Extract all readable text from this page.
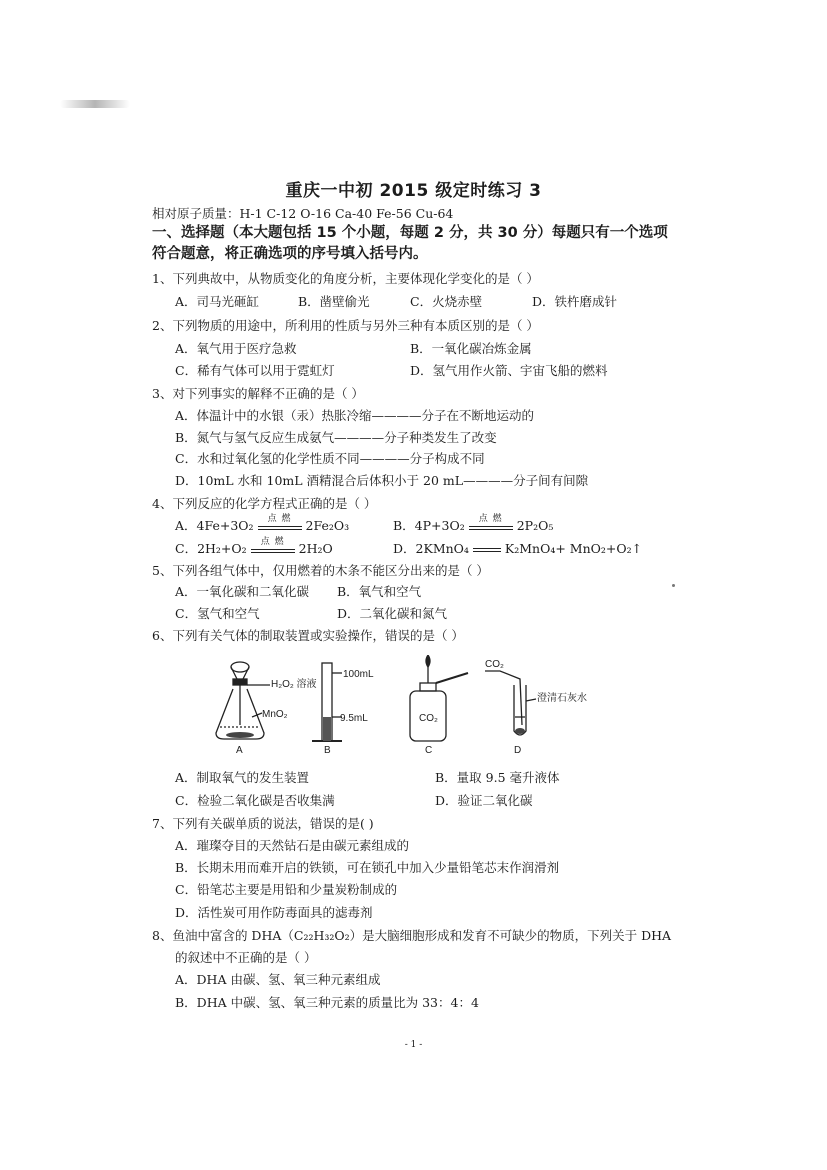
重庆一中初 2015 级定时练习 3
相对原子质量：H-1 C-12 O-16 Ca-40 Fe-56 Cu-64
一、选择题（本大题包括 15 个小题，每题 2 分，共 30 分）每题只有一个选项
符合题意，将正确选项的序号填入括号内。
1、下列典故中，从物质变化的角度分析，主要体现化学变化的是（ ）
A．司马光砸缸	B．凿壁偷光	C．火烧赤壁	D．铁杵磨成针
2、下列物质的用途中，所利用的性质与另外三种有本质区别的是（ ）
A．氧气用于医疗急救	B．一氧化碳冶炼金属
C．稀有气体可以用于霓虹灯	D．氢气用作火箭、宇宙飞船的燃料
3、对下列事实的解释不正确的是（ ）
A．体温计中的水银（汞）热胀冷缩————分子在不断地运动的
B．氮气与氢气反应生成氨气————分子种类发生了改变
C．水和过氧化氢的化学性质不同————分子构成不同
D．10mL 水和 10mL 酒精混合后体积小于 20 mL————分子间有间隙
4、下列反应的化学方程式正确的是（ ）
A．4Fe+3O₂	点 燃	2Fe₂O₃	B．4P+3O₂	点 燃	2P₂O₅
C．2H₂+O₂	点 燃	2H₂O	D．2KMnO₄	K₂MnO₄+ MnO₂+O₂↑
5、下列各组气体中，仅用燃着的木条不能区分出来的是（ ）
A．一氧化碳和二氧化碳 B．氧气和空气
C．氢气和空气	D．二氧化碳和氮气
6、下列有关气体的制取装置或实验操作，错误的是（ ）
H₂O₂ 溶液
MnO₂
A
100mL
9.5mL
B
CO₂
C
CO₂
澄清石灰水
D
A．制取氧气的发生装置	B．量取 9.5 毫升液体
C．检验二氧化碳是否收集满	D．验证二氧化碳
7、下列有关碳单质的说法，错误的是( )
A．璀璨夺目的天然钻石是由碳元素组成的
B．长期未用而难开启的铁锁，可在锁孔中加入少量铅笔芯末作润滑剂
C．铅笔芯主要是用铅和少量炭粉制成的
D．活性炭可用作防毒面具的滤毒剂
8、鱼油中富含的 DHA（C₂₂H₃₂O₂）是大脑细胞形成和发育不可缺少的物质，下列关于 DHA
的叙述中不正确的是（ ）
A．DHA 由碳、氢、氧三种元素组成
B．DHA 中碳、氢、氧三种元素的质量比为 33：4：4
- 1 -
